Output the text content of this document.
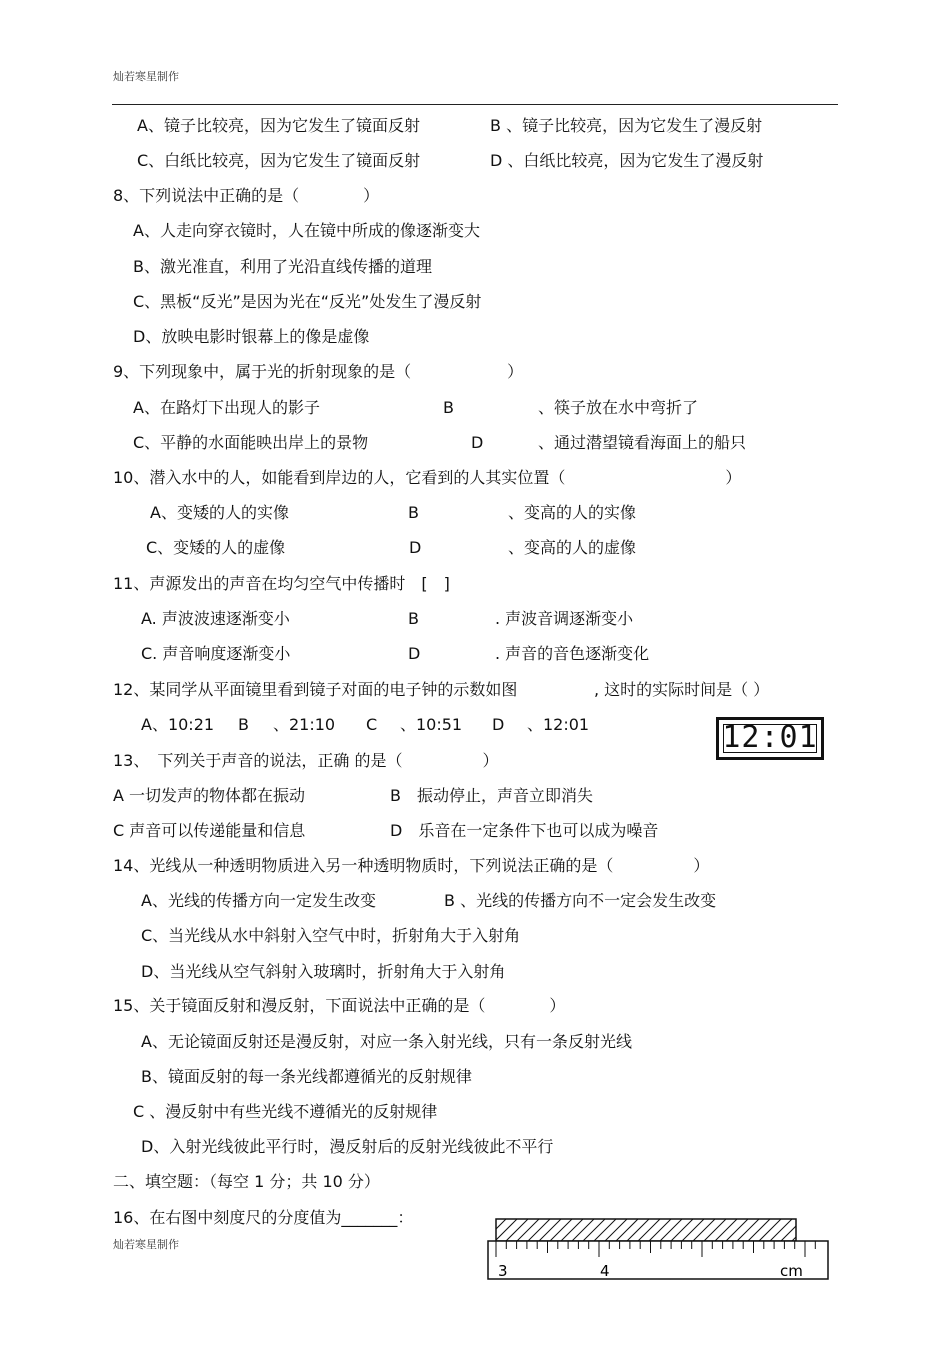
灿若寒星制作
A、镜子比较亮，因为它发生了镜面反射	B 、镜子比较亮，因为它发生了漫反射
C、白纸比较亮，因为它发生了镜面反射	D 、白纸比较亮，因为它发生了漫反射
8、下列说法中正确的是（　　　　）
A、人走向穿衣镜时，人在镜中所成的像逐渐变大
B、激光准直，利用了光沿直线传播的道理
C、黑板“反光”是因为光在“反光”处发生了漫反射
D、放映电影时银幕上的像是虚像
9、下列现象中，属于光的折射现象的是（　　　　　　）
A、在路灯下出现人的影子	B	、筷子放在水中弯折了
C、平静的水面能映出岸上的景物	D	、通过潜望镜看海面上的船只
10、潜入水中的人，如能看到岸边的人，它看到的人其实位置（　　　　　　　　　　）
A、变矮的人的实像	B	、变高的人的实像
C、变矮的人的虚像	D	、变高的人的虚像
11、声源发出的声音在均匀空气中传播时　[　]
A. 声波波速逐渐变小	B	. 声波音调逐渐变小
C. 声音响度逐渐变小	D	. 声音的音色逐渐变化
12、某同学从平面镜里看到镜子对面的电子钟的示数如图	, 这时的实际时间是（ ）
A、10:21 B 、21:10 C 、10:51 D 、12:01	12:01
13、　下列关于声音的说法，正确 的是（　　　　　）
A 一切发声的物体都在振动	B　振动停止，声音立即消失
C 声音可以传递能量和信息	D　乐音在一定条件下也可以成为噪音
14、光线从一种透明物质进入另一种透明物质时，下列说法正确的是（　　　　　）
A、光线的传播方向一定发生改变	B 、光线的传播方向不一定会发生改变
C、当光线从水中斜射入空气中时，折射角大于入射角
D、当光线从空气斜射入玻璃时，折射角大于入射角
15、关于镜面反射和漫反射，下面说法中正确的是（　　　　）
A、无论镜面反射还是漫反射，对应一条入射光线，只有一条反射光线
B、镜面反射的每一条光线都遵循光的反射规律
C 、漫反射中有些光线不遵循光的反射规律
D、入射光线彼此平行时，漫反射后的反射光线彼此不平行
二、填空题：（每空 1 分；共 10 分）
16、在右图中刻度尺的分度值为_______：
3	4	cm
灿若寒星制作
